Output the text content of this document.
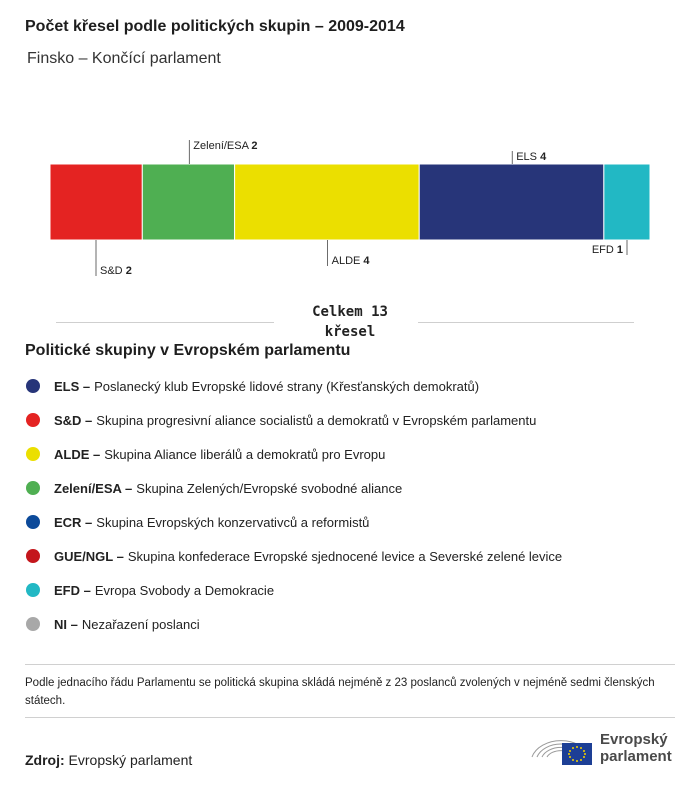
Počet křesel podle politických skupin – 2009-2014
Finsko – Končící parlament
S&D 2
Zelení/ESA 2
ALDE 4
ELS 4
EFD 1
Celkem 13
křesel
Politické skupiny v Evropském parlamentu
ELS – Poslanecký klub Evropské lidové strany (Křesťanských demokratů)
S&D – Skupina progresivní aliance socialistů a demokratů v Evropském parlamentu
ALDE – Skupina Aliance liberálů a demokratů pro Evropu
Zelení/ESA – Skupina Zelených/Evropské svobodné aliance
ECR – Skupina Evropských konzervativců a reformistů
GUE/NGL – Skupina konfederace Evropské sjednocené levice a Severské zelené levice
EFD – Evropa Svobody a Demokracie
NI – Nezařazení poslanci
Podle jednacího řádu Parlamentu se politická skupina skládá nejméně z 23 poslanců zvolených v nejméně sedmi členských státech.
Zdroj: Evropský parlament
Evropský
parlament
